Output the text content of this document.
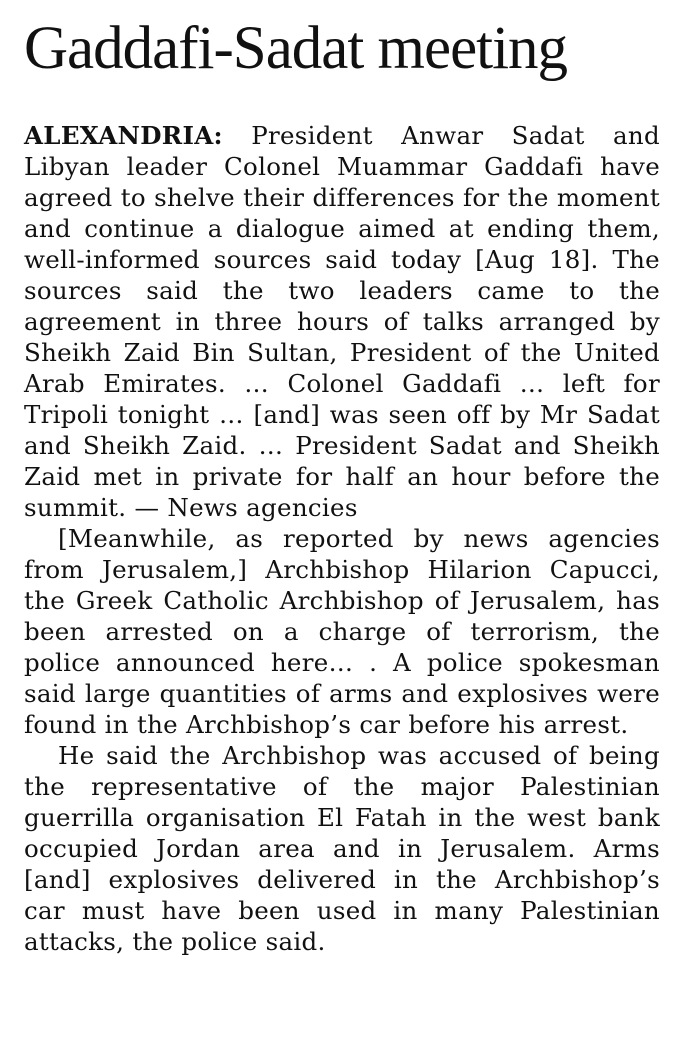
Gaddafi-Sadat meeting

ALEXANDRIA: President Anwar Sadat and Libyan leader Colonel Muammar Gaddafi have agreed to shelve their differences for the moment and continue a dialogue aimed at ending them, well-informed sources said today [Aug 18]. The sources said the two leaders came to the agreement in three hours of talks arranged by Sheikh Zaid Bin Sultan, President of the United Arab Emirates. … Colonel Gaddafi … left for Tripoli tonight … [and] was seen off by Mr Sadat and Sheikh Zaid. … President Sadat and Sheikh Zaid met in private for half an hour before the summit. — News agencies

[Meanwhile, as reported by news agencies from Jerusalem,] Archbishop Hilarion Capucci, the Greek Catholic Archbishop of Jerusalem, has been arrested on a charge of terrorism, the police announced here… . A police spokesman said large quantities of arms and explosives were found in the Archbishop’s car before his arrest.

He said the Archbishop was accused of being the representative of the major Palestinian guerrilla organisation El Fatah in the west bank occupied Jordan area and in Jerusalem. Arms [and] explosives delivered in the Archbishop’s car must have been used in many Palestinian attacks, the police said.
